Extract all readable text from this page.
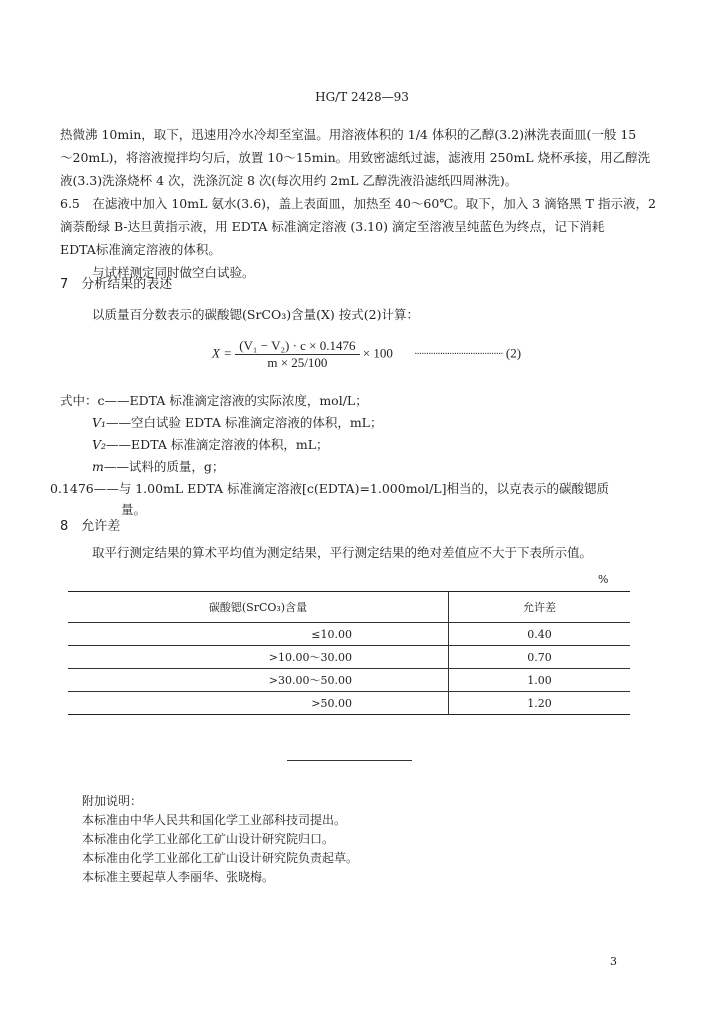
HG/T 2428—93
热微沸 10min，取下，迅速用冷水冷却至室温。用溶液体积的 1/4 体积的乙醇(3.2)淋洗表面皿(一般 15
～20mL)，将溶液搅拌均匀后，放置 10～15min。用致密滤纸过滤，滤液用 250mL 烧杯承接，用乙醇洗
液(3.3)洗涤烧杯 4 次，洗涤沉淀 8 次(每次用约 2mL 乙醇洗液沿滤纸四周淋洗)。
6.5　在滤液中加入 10mL 氨水(3.6)，盖上表面皿，加热至 40～60℃。取下，加入 3 滴铬黑 T 指示液，2
滴萘酚绿 B-达旦黄指示液，用 EDTA 标准滴定溶液 (3.10) 滴定至溶液呈纯蓝色为终点，记下消耗
EDTA标准滴定溶液的体积。
与试样测定同时做空白试验。
7　分析结果的表述
以质量百分数表示的碳酸锶(SrCO₃)含量(X) 按式(2)计算：
$X = \frac{\text{(V₁ − V₂) · c × 0.1476}}{m \times 25/100} \times 100$ ······································ (2)
式中：c——EDTA 标准滴定溶液的实际浓度，mol/L；
V₁——空白试验 EDTA 标准滴定溶液的体积，mL；
V₂——EDTA 标准滴定溶液的体积，mL；
m——试料的质量，g；
0.1476——与 1.00mL EDTA 标准滴定溶液[c(EDTA)=1.000mol/L]相当的，以克表示的碳酸锶质
量。
8　允许差
取平行测定结果的算术平均值为测定结果，平行测定结果的绝对差值应不大于下表所示值。
%
碳酸锶(SrCO₃)含量	允许差
≤10.00	0.40
>10.00～30.00	0.70
>30.00～50.00	1.00
>50.00	1.20
附加说明：
本标准由中华人民共和国化学工业部科技司提出。
本标准由化学工业部化工矿山设计研究院归口。
本标准由化学工业部化工矿山设计研究院负责起草。
本标准主要起草人李丽华、张晓梅。
3
